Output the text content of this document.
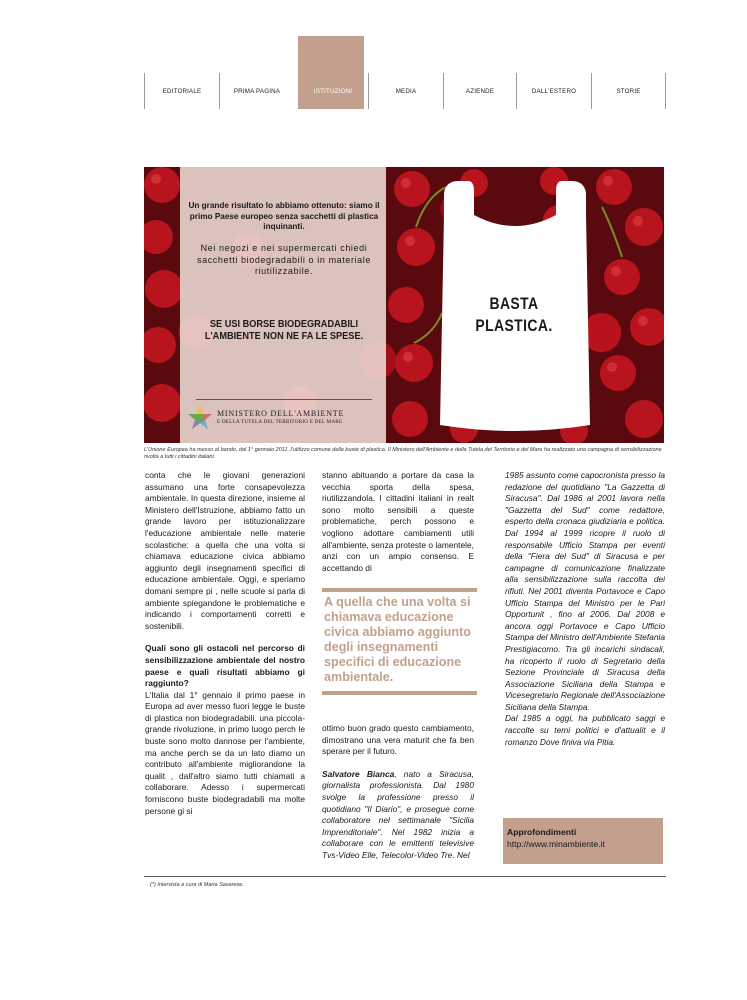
EDITORIALE	PRIMA PAGINA	ISTITUZIONI	MEDIA	AZIENDE	DALL'ESTERO	STORIE
Un grande risultato lo abbiamo ottenuto: siamo il primo Paese europeo senza sacchetti di plastica inquinanti.
Nei negozi e nei supermercati chiedi sacchetti biodegradabili o in materiale riutilizzabile.
SE USI BORSE BIODEGRADABILI L'AMBIENTE NON NE FA LE SPESE.
MINISTERO DELL'AMBIENTE
E DELLA TUTELA DEL TERRITORIO E DEL MARE
BASTA PLASTICA.
L'Unione Europea ha messo al bando, dal 1° gennaio 2011, l'utilizzo comune delle buste di plastica. Il Ministero dell'Ambiente e della Tutela del Territorio e del Mare ha realizzato una campagna di sensibilizzazione rivolta a tutti i cittadini italiani.

conta che le giovani generazioni assumano una forte consapevolezza ambientale. In questa direzione, insieme al Ministero dell'Istruzione, abbiamo fatto un grande lavoro per istituzionalizzare l'educazione ambientale nelle materie scolastiche: a quella che una volta si chiamava educazione civica abbiamo aggiunto degli insegnamenti specifici di educazione ambientale. Oggi, e speriamo domani sempre pi , nelle scuole si parla di ambiente spiegandone le problematiche e indicando i comportamenti corretti e sostenibili.

Quali sono gli ostacoli nel percorso di sensibilizzazione ambientale del nostro paese e quali risultati abbiamo gi raggiunto?

L'Italia dal 1° gennaio il primo paese in Europa ad aver messo fuori legge le buste di plastica non biodegradabili. una piccola-grande rivoluzione, in primo luogo perch le buste sono molto dannose per l'ambiente, ma anche perch se da un lato diamo un contributo all'ambiente migliorandone la qualit , dall'altro siamo tutti chiamati a collaborare. Adesso i supermercati forniscono buste biodegradabili ma molte persone gi si

stanno abituando a portare da casa la vecchia sporta della spesa, riutilizzandola. I cittadini italiani in realt sono molto sensibili a queste problematiche, perch possono e vogliono adottare cambiamenti utili all'ambiente, senza proteste o lamentele, anzi con un ampio consenso. E accettando di

A quella che una volta si chiamava educazione civica abbiamo aggiunto degli insegnamenti specifici di educazione ambientale.

ottimo buon grado questo cambiamento, dimostrano una vera maturit che fa ben sperare per il futuro.

Salvatore Bianca, nato a Siracusa, giornalista professionista. Dal 1980 svolge la professione presso il quotidiano "Il Diario", e prosegue come collaboratore nel settimanale "Sicilia Imprenditoriale". Nel 1982 inizia a collaborare con le emittenti televisive Tvs-Video Elle, Telecolor-Video Tre. Nel

1985 assunto come capocronista presso la redazione del quotidiano "La Gazzetta di Siracusa". Dal 1986 al 2001 lavora nella "Gazzetta del Sud" come redattore, esperto della cronaca giudiziaria e politica. Dal 1994 al 1999 ricopre il ruolo di responsabile Ufficio Stampa per eventi della "Fiera del Sud" di Siracusa e per campagne di comunicazione finalizzate alla sensibilizzazione sulla raccolta dei rifiuti. Nel 2001 diventa Portavoce e Capo Ufficio Stampa del Ministro per le Pari Opportunit , fino al 2006. Dal 2008 e ancora oggi Portavoce e Capo Ufficio Stampa del Ministro dell'Ambiente Stefania Prestigiacomo. Tra gli incarichi sindacali, ha ricoperto il ruolo di Segretario della Sezione Provinciale di Siracusa della Associazione Siciliana della Stampa e Vicesegretario Regionale dell'Associazione Siciliana della Stampa.

Dal 1985 a oggi, ha pubblicato saggi e raccolte su temi politici e d'attualit e il romanzo Dove finiva via Pitia.

Approfondimenti
http://www.minambiente.it
(*) Intervista a cura di Maria Savarese.
